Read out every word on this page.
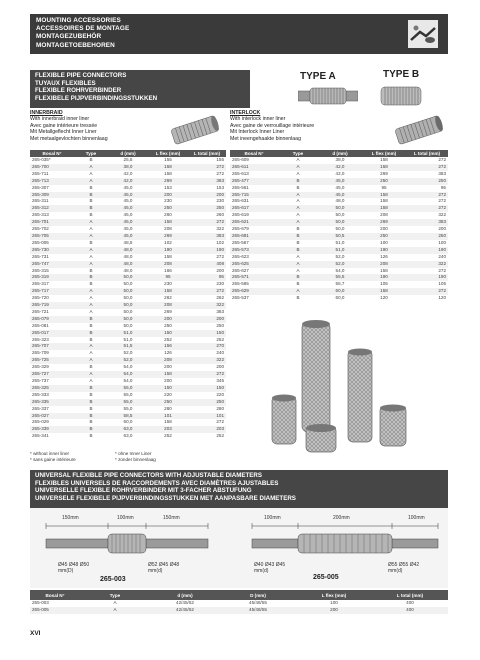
MOUNTING ACCESSORIES
ACCESSOIRES DE MONTAGE
MONTAGEZUBEHÖR
MONTAGETOEBEHOREN
FLEXIBLE PIPE CONNECTORS
TUYAUX FLEXIBLES
FLEXIBLE ROHRVERBINDER
FLEXIBELE PIJPVERBINDINGSSTUKKEN
TYPE A	TYPE B
INNERBRAID
With innerbraid inner liner
Avec gaine intérieure tressée
Mit Metallgeflecht Inner Liner
Met metaalgevlochten binnenlaag
INTERLOCK
With interlock inner liner
Avec gaine de verrouillage intérieure
Mit Interlock Inner Liner
Met ineengehaakte binnenlaag
Bosal N°	Type	d (mm)	L flex (mm)	L total (mm)
265-035*	B	25,5	155	155
265-700	A	38,0	158	272
265-711	A	42,0	158	272
265-713	A	42,0	269	383
265-307	B	45,0	153	153
265-309	B	45,0	200	200
265-311	B	45,0	230	230
265-312	B	45,0	250	250
265-313	B	45,0	260	260
265-701	A	45,0	158	272
265-702	A	45,0	208	322
265-705	A	45,0	269	383
265-005	B	48,5	102	102
265-730	A	48,0	190	190
265-731	A	48,0	158	272
265-747	A	48,0	208	408
265-315	B	48,0	166	200
265-319	B	50,0	95	95
265-317	B	50,0	230	230
265-717	A	50,0	158	272
265-720	A	50,0	262	262
265-719	A	50,0	208	322
265-721	A	50,0	269	383
265-079	B	50,0	200	200
265-081	B	50,0	250	250
265-017	B	51,0	150	150
265-323	B	51,0	252	252
265-707	A	51,5	156	270
265-709	A	52,0	126	240
265-725	A	52,0	208	322
265-329	B	54,0	200	200
265-727	A	54,0	158	272
265-737	A	54,0	200	345
265-325	B	55,0	150	150
265-333	B	55,0	220	220
265-335	B	55,0	250	250
265-337	B	55,0	280	280
265-027	B	58,5	101	101
265-029	B	60,0	158	272
265-339	B	63,0	203	203
265-341	B	63,0	252	252
Bosal N°	Type	d (mm)	L flex (mm)	L total (mm)
265-609	A	38,0	158	272
265-611	A	42,0	158	272
265-613	A	42,0	269	383
265-477	B	45,0	250	250
265-561	B	45,0	95	95
265-715	A	45,0	158	272
265-631	A	48,0	158	272
265-617	A	50,0	158	272
265-619	A	50,0	208	322
265-621	A	50,0	269	383
265-679	B	50,0	200	200
265-681	B	50,5	250	250
265-567	B	51,0	100	100
265-573	B	51,0	190	190
265-623	A	52,0	126	240
265-625	A	52,0	208	322
265-627	A	54,0	158	272
265-571	B	55,5	190	190
265-565	B	55,7	105	105
265-629	A	60,0	158	272
265-537	B	60,0	120	120
* without inner liner
* sans gaine intérieure
* ohne Inner Liner
* zonder binnenlaag
UNIVERSAL FLEXIBLE PIPE CONNECTORS WITH ADJUSTABLE DIAMETERS
FLEXIBLES UNIVERSELS DE RACCORDEMENTS AVEC DIAMÈTRES AJUSTABLES
UNIVERSELLE FLEXIBLE ROHRVERBINDER MIT 3-FACHER ABSTUFUNG
UNIVERSELE FLEXIBELE PIJPVERBINDINGSSTUKKEN MET AANPASBARE DIAMETERS
150mm	100mm	150mm
Ø45 Ø48 Ø50
mm(D)
Ø52 Ø45 Ø48
mm(d)
265-003
100mm	200mm	100mm
Ø40 Ø43 Ø45
mm(d)
Ø55 Ø55 Ø42
mm(d)
265-005
Bosal N°	Type	d (mm)	D (mm)	L flex (mm)	L total (mm)
265-003	A	42/45/52	45/48/55	100	400
265-005	A	42/45/52	45/48/55	200	400
XVI
